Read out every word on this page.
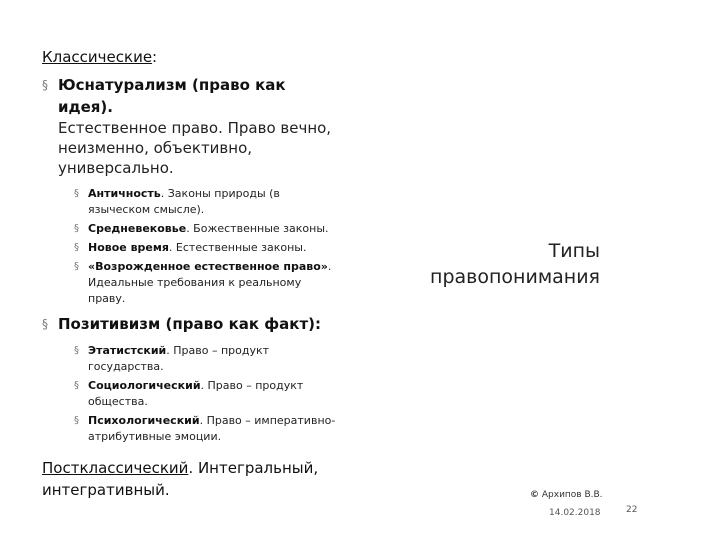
Классические:
§ Юснатурализм (право как идея).
Естественное право. Право вечно, неизменно, объективно, универсально.
§ Античность. Законы природы (в языческом смысле).
§ Средневековье. Божественные законы.
§ Новое время. Естественные законы.
§ «Возрожденное естественное право». Идеальные требования к реальному праву.
§ Позитивизм (право как факт):
§ Этатистский. Право – продукт государства.
§ Социологический. Право – продукт общества.
§ Психологический. Право – императивно-атрибутивные эмоции.
Постклассический. Интегральный, интегративный.
Типы правопонимания
© Архипов В.В.
14.02.2018	22
